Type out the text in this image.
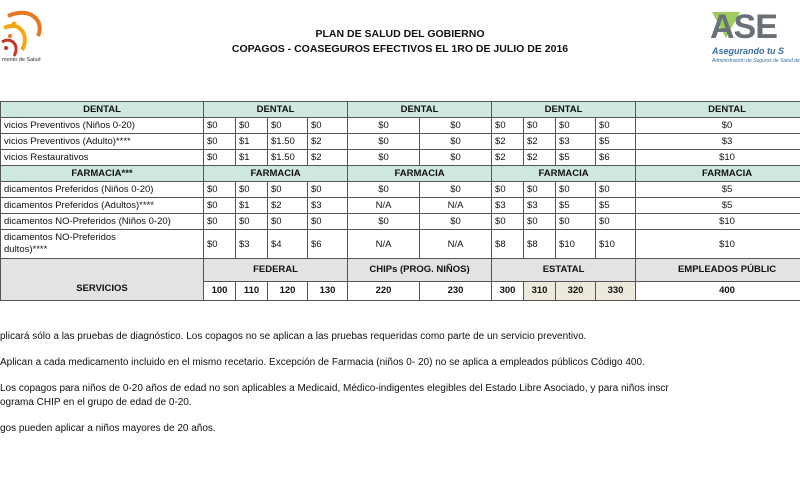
mento de Salud
PLAN DE SALUD DEL GOBIERNO
COPAGOS - COASEGUROS EFECTIVOS EL 1RO DE JULIO DE 2016
ASE
Asegurando tu S
Administración de Seguros de Salud de
DENTAL	DENTAL				DENTAL		DENTAL				DENTAL
vicios Preventivos (Niños 0-20)	$0	$0	$0	$0	$0	$0	$0	$0	$0	$0	$0
vicios Preventivos (Adulto)****	$0	$1	$1.50	$2	$0	$0	$2	$2	$3	$5	$3
vicios Restaurativos	$0	$1	$1.50	$2	$0	$0	$2	$2	$5	$6	$10
FARMACIA***	FARMACIA				FARMACIA		FARMACIA				FARMACIA
dicamentos Preferidos (Niños 0-20)	$0	$0	$0	$0	$0	$0	$0	$0	$0	$0	$5
dicamentos Preferidos (Adultos)****	$0	$1	$2	$3	N/A	N/A	$3	$3	$5	$5	$5
dicamentos NO-Preferidos (Niños 0-20)	$0	$0	$0	$0	$0	$0	$0	$0	$0	$0	$10

dicamentos NO-Preferidos
dultos)****	$0	$3	$4	$6	N/A	N/A	$8	$8	$10	$10	$10
SERVICIOS	FEDERAL				CHIPs (PROG. NIÑOS)		ESTATAL				EMPLEADOS PÚBLIC
	100	110	120	130	220	230	300	310	320	330	400

plicará sólo a las pruebas de diagnóstico. Los copagos no se aplican a las pruebas requeridas como parte de un servicio preventivo.

Aplican a cada medicamento incluido en el mismo recetario. Excepción de Farmacia (niños 0- 20) no se aplica a empleados públicos Código 400.

Los copagos para niños de 0-20 años de edad no son aplicables a Medicaid, Médico-indigentes elegibles del Estado Libre Asociado, y para niños inscr

ograma CHIP en el grupo de edad de 0-20.

gos pueden aplicar a niños mayores de 20 años.
